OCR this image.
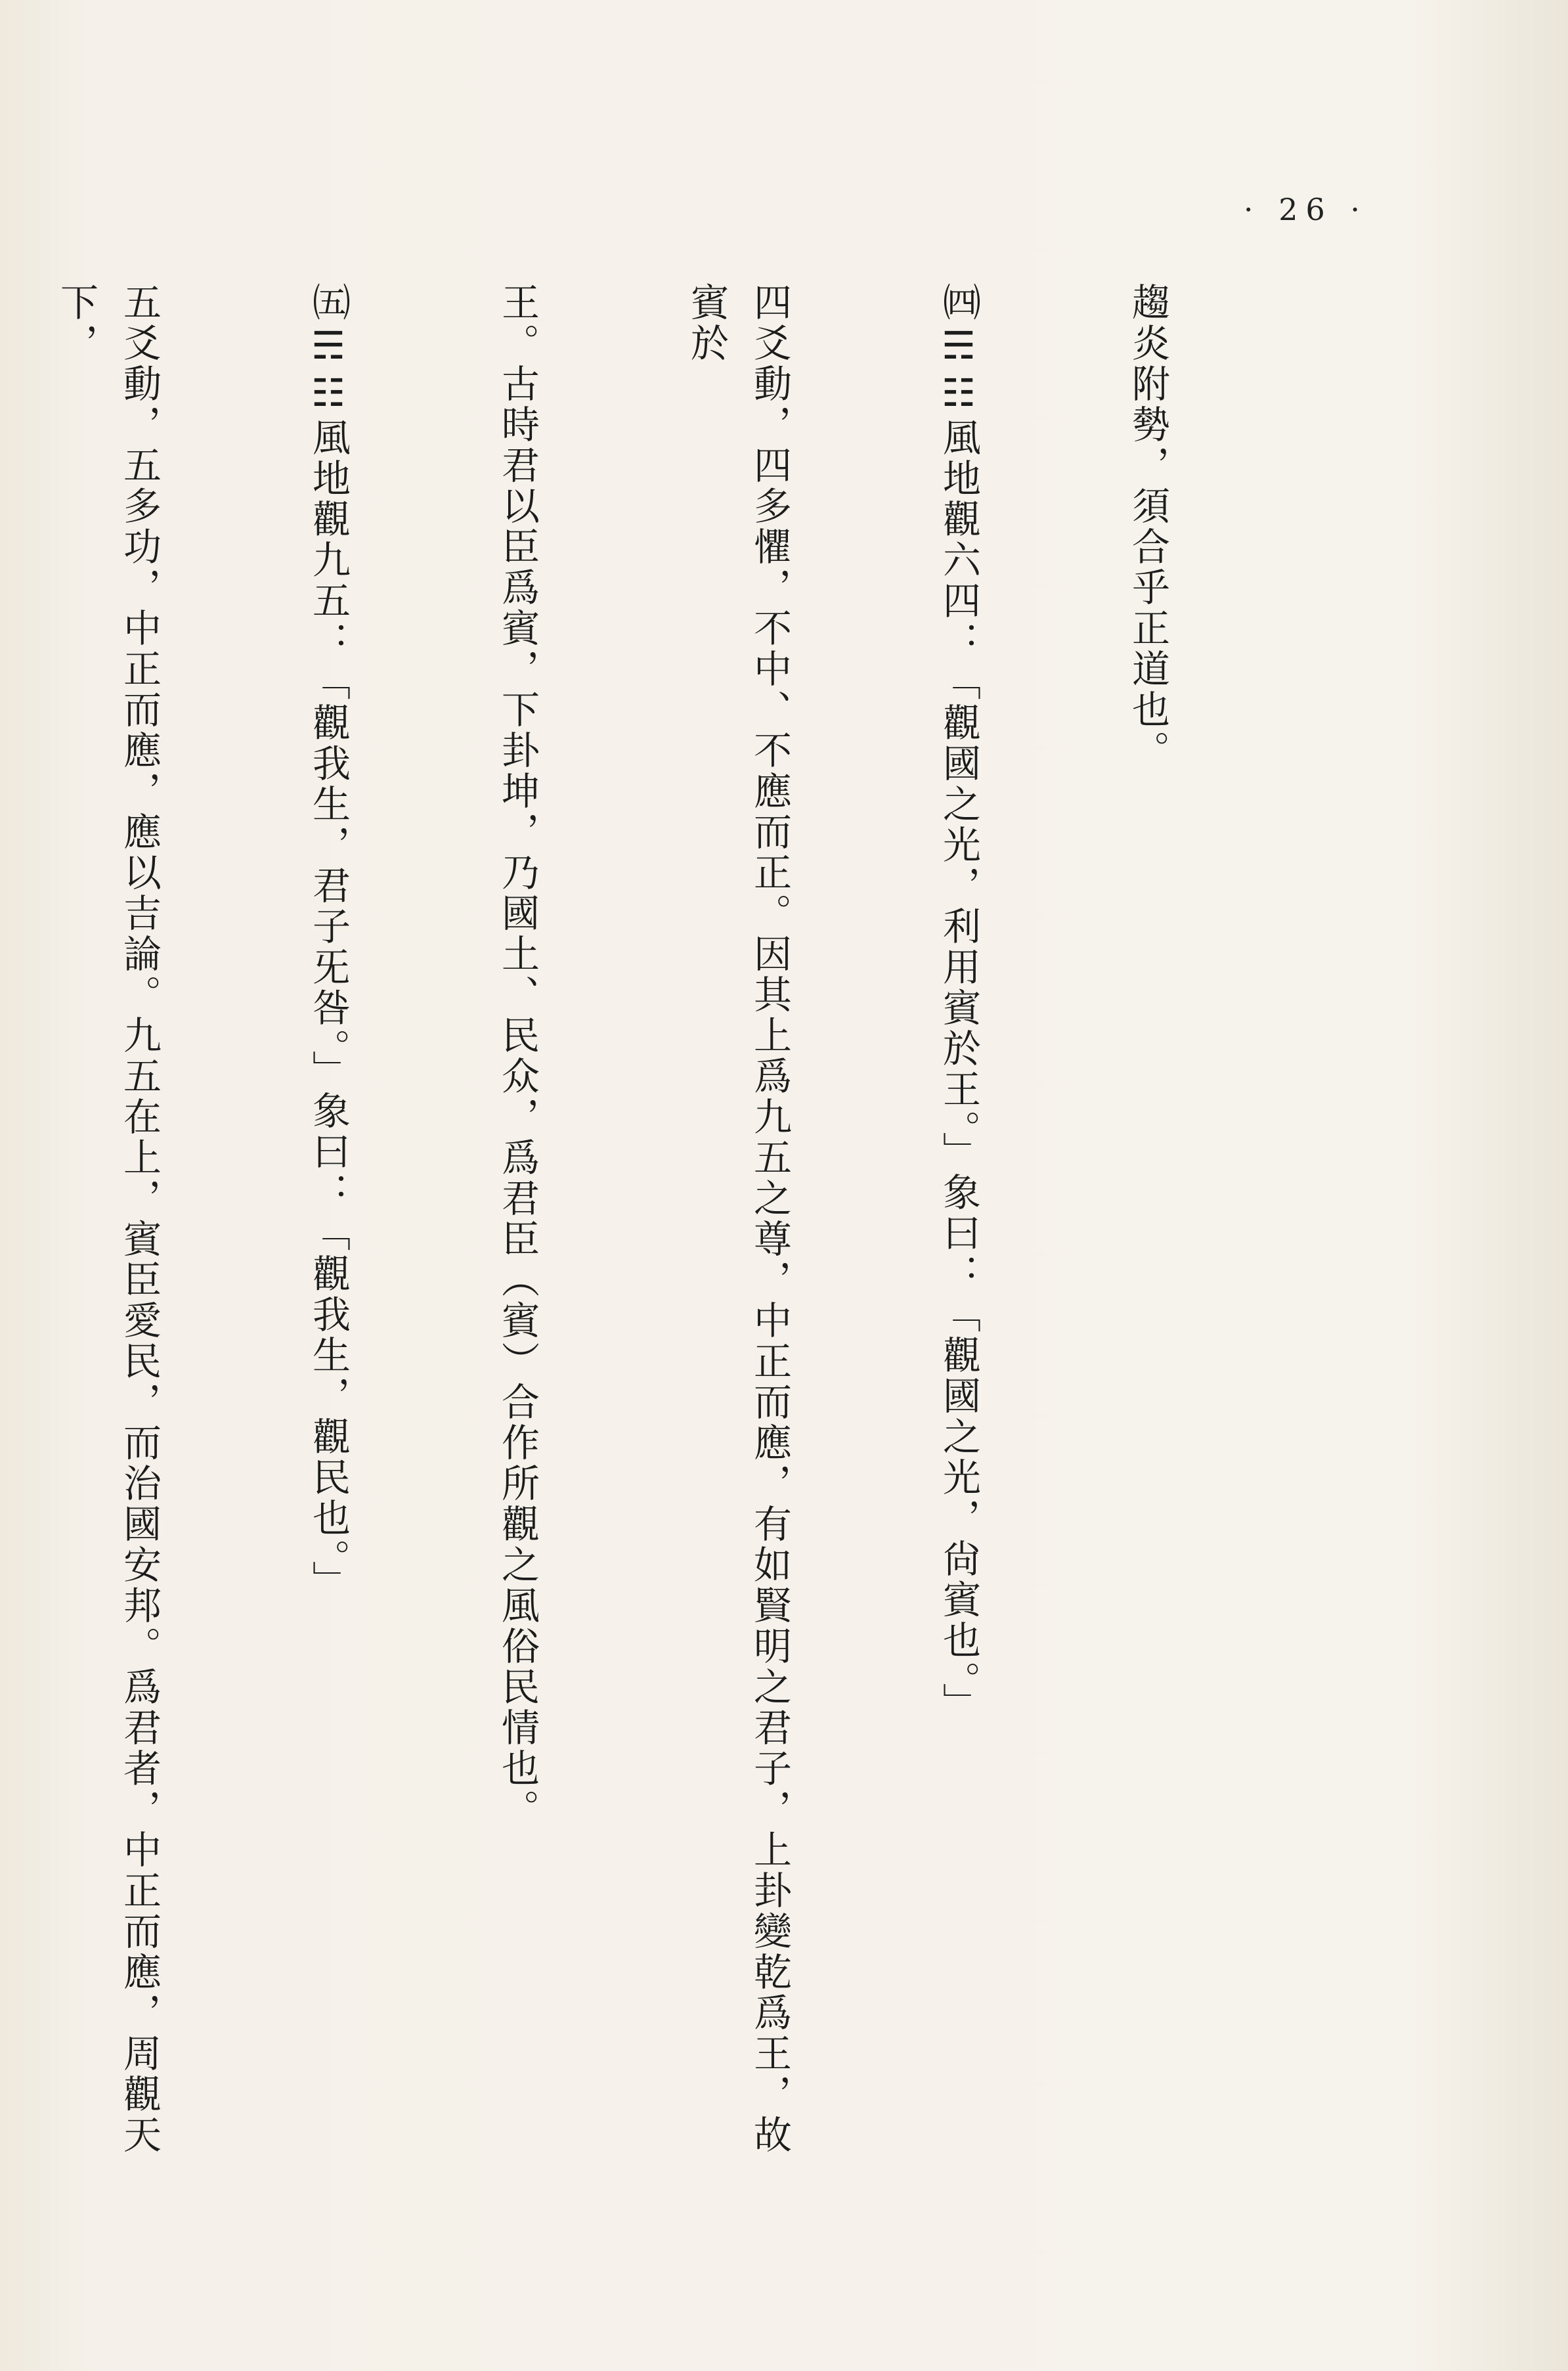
· 26 ·

趨炎附勢，須合乎正道也。

㈣☴☷風地觀六四：「觀國之光，利用賓於王。」象曰：「觀國之光，尙賓也。」

四爻動，四多懼，不中、不應而正。因其上爲九五之尊，中正而應，有如賢明之君子，上卦變乾爲王，故賓於

王。古時君以臣爲賓，下卦坤，乃國土、民众，爲君臣（賓）合作所觀之風俗民情也。

㈤☴☷風地觀九五：「觀我生，君子旡咎。」象曰：「觀我生，觀民也。」

五爻動，五多功，中正而應，應以吉論。九五在上，賓臣愛民，而治國安邦。爲君者，中正而應，周觀天下，
